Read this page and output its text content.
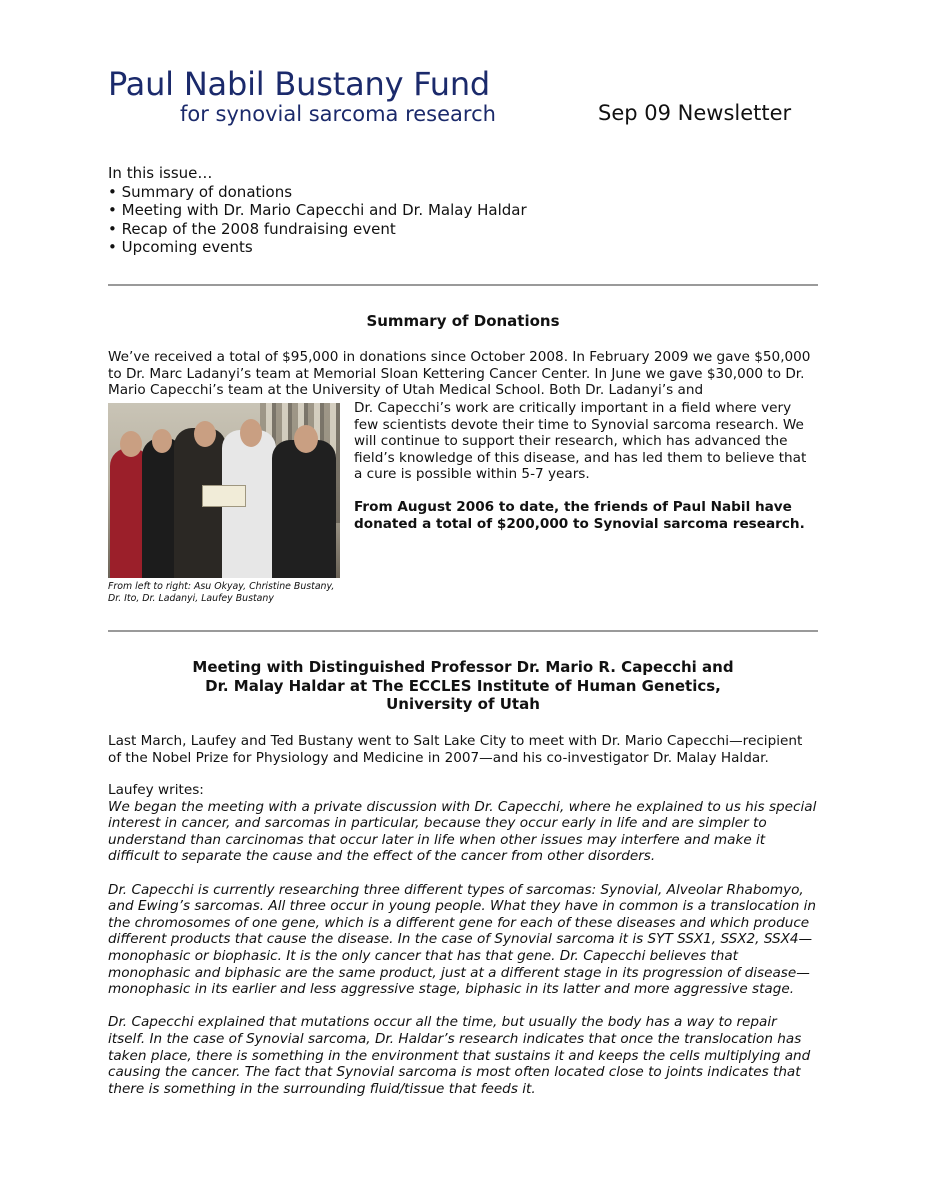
Paul Nabil Bustany Fund
for synovial sarcoma research	Sep 09 Newsletter
In this issue…
• Summary of donations
• Meeting with Dr. Mario Capecchi and Dr. Malay Haldar
• Recap of the 2008 fundraising event
• Upcoming events
Summary of Donations
We’ve received a total of $95,000 in donations since October 2008. In February 2009 we gave $50,000 to Dr. Marc Ladanyi’s team at Memorial Sloan Kettering Cancer Center. In June we gave $30,000 to Dr. Mario Capecchi’s team at the University of Utah Medical School. Both Dr. Ladanyi’s and
From left to right: Asu Okyay, Christine Bustany, Dr. Ito, Dr. Ladanyi, Laufey Bustany
Dr. Capecchi’s work are critically important in a field where very few scientists devote their time to Synovial sarcoma research. We will continue to support their research, which has advanced the field’s knowledge of this disease, and has led them to believe that a cure is possible within 5-7 years.
From August 2006 to date, the friends of Paul Nabil have donated a total of $200,000 to Synovial sarcoma research.
Meeting with Distinguished Professor Dr. Mario R. Capecchi and
Dr. Malay Haldar at The ECCLES Institute of Human Genetics,
University of Utah
Last March, Laufey and Ted Bustany went to Salt Lake City to meet with Dr. Mario Capecchi—recipient of the Nobel Prize for Physiology and Medicine in 2007—and his co-investigator Dr. Malay Haldar.
Laufey writes:
We began the meeting with a private discussion with Dr. Capecchi, where he explained to us his special interest in cancer, and sarcomas in particular, because they occur early in life and are simpler to understand than carcinomas that occur later in life when other issues may interfere and make it difficult to separate the cause and the effect of the cancer from other disorders.
Dr. Capecchi is currently researching three different types of sarcomas: Synovial, Alveolar Rhabomyo, and Ewing’s sarcomas. All three occur in young people. What they have in common is a translocation in the chromosomes of one gene, which is a different gene for each of these diseases and which produce different products that cause the disease. In the case of Synovial sarcoma it is SYT SSX1, SSX2, SSX4—monophasic or biophasic. It is the only cancer that has that gene. Dr. Capecchi believes that monophasic and biphasic are the same product, just at a different stage in its progression of disease—monophasic in its earlier and less aggressive stage, biphasic in its latter and more aggressive stage.
Dr. Capecchi explained that mutations occur all the time, but usually the body has a way to repair itself. In the case of Synovial sarcoma, Dr. Haldar’s research indicates that once the translocation has taken place, there is something in the environment that sustains it and keeps the cells multiplying and causing the cancer. The fact that Synovial sarcoma is most often located close to joints indicates that there is something in the surrounding fluid/tissue that feeds it.
